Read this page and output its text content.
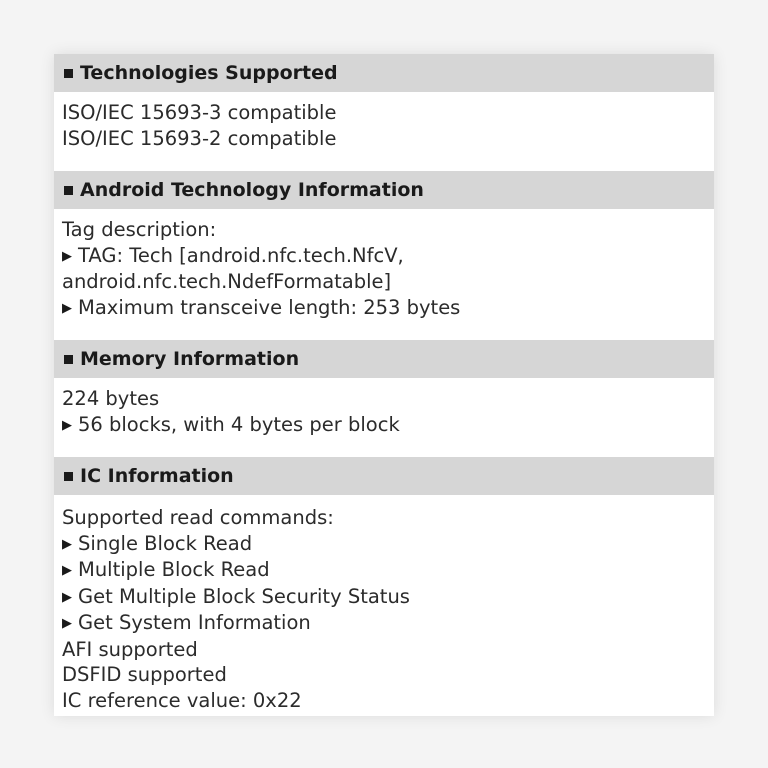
Technologies Supported
ISO/IEC 15693-3 compatible
ISO/IEC 15693-2 compatible
Android Technology Information
Tag description:
▶ TAG: Tech [android.nfc.tech.NfcV,
android.nfc.tech.NdefFormatable]
▶ Maximum transceive length: 253 bytes
Memory Information
224 bytes
▶ 56 blocks, with 4 bytes per block
IC Information
Supported read commands:
▶ Single Block Read
▶ Multiple Block Read
▶ Get Multiple Block Security Status
▶ Get System Information
AFI supported
DSFID supported
IC reference value: 0x22
